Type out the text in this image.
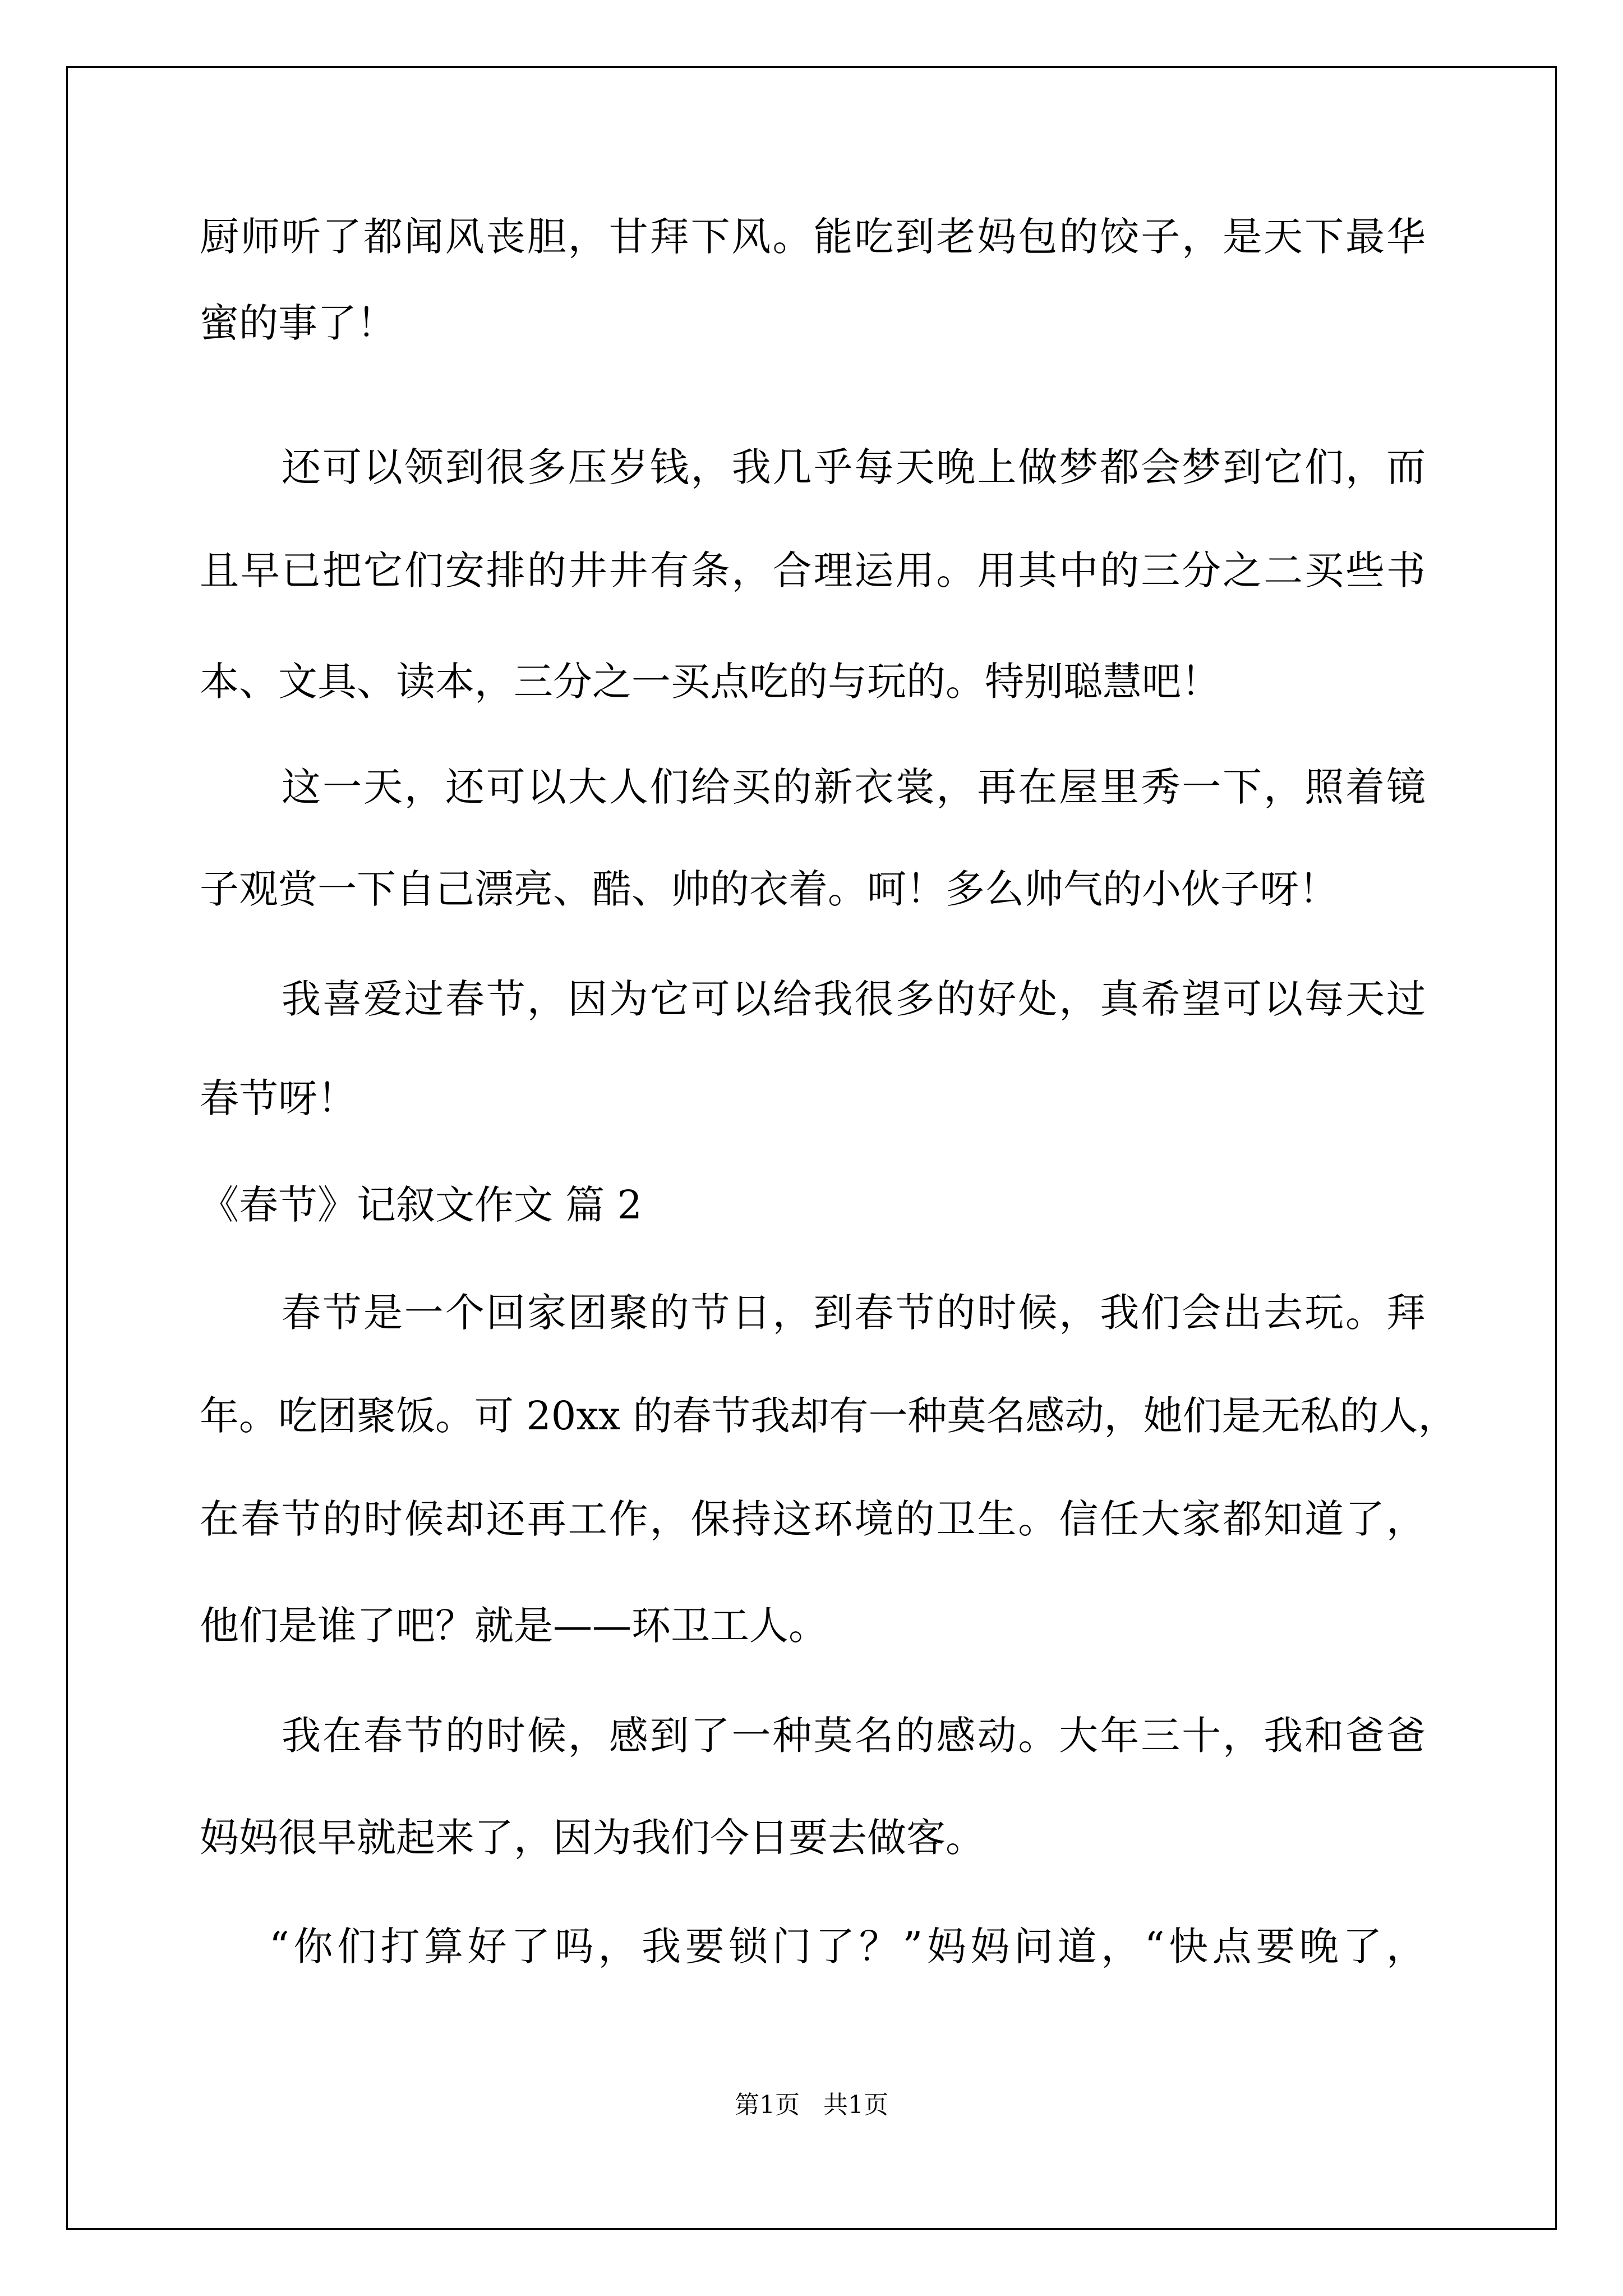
厨师听了都闻风丧胆，甘拜下风。能吃到老妈包的饺子，是天下最华
蜜的事了！
还可以领到很多压岁钱，我几乎每天晚上做梦都会梦到它们，而
且早已把它们安排的井井有条，合理运用。用其中的三分之二买些书
本、文具、读本，三分之一买点吃的与玩的。特别聪慧吧！
这一天，还可以大人们给买的新衣裳，再在屋里秀一下，照着镜
子观赏一下自己漂亮、酷、帅的衣着。呵！多么帅气的小伙子呀！
我喜爱过春节，因为它可以给我很多的好处，真希望可以每天过
春节呀！
《春节》记叙文作文 篇 2
春节是一个回家团聚的节日，到春节的时候，我们会出去玩。拜
年。吃团聚饭。可 20xx 的春节我却有一种莫名感动，她们是无私的人，
在春节的时候却还再工作，保持这环境的卫生。信任大家都知道了，
他们是谁了吧？就是——环卫工人。
我在春节的时候，感到了一种莫名的感动。大年三十，我和爸爸
妈妈很早就起来了，因为我们今日要去做客。
“你们打算好了吗，我要锁门了？”妈妈问道，“快点要晚了，
第1页   共1页
